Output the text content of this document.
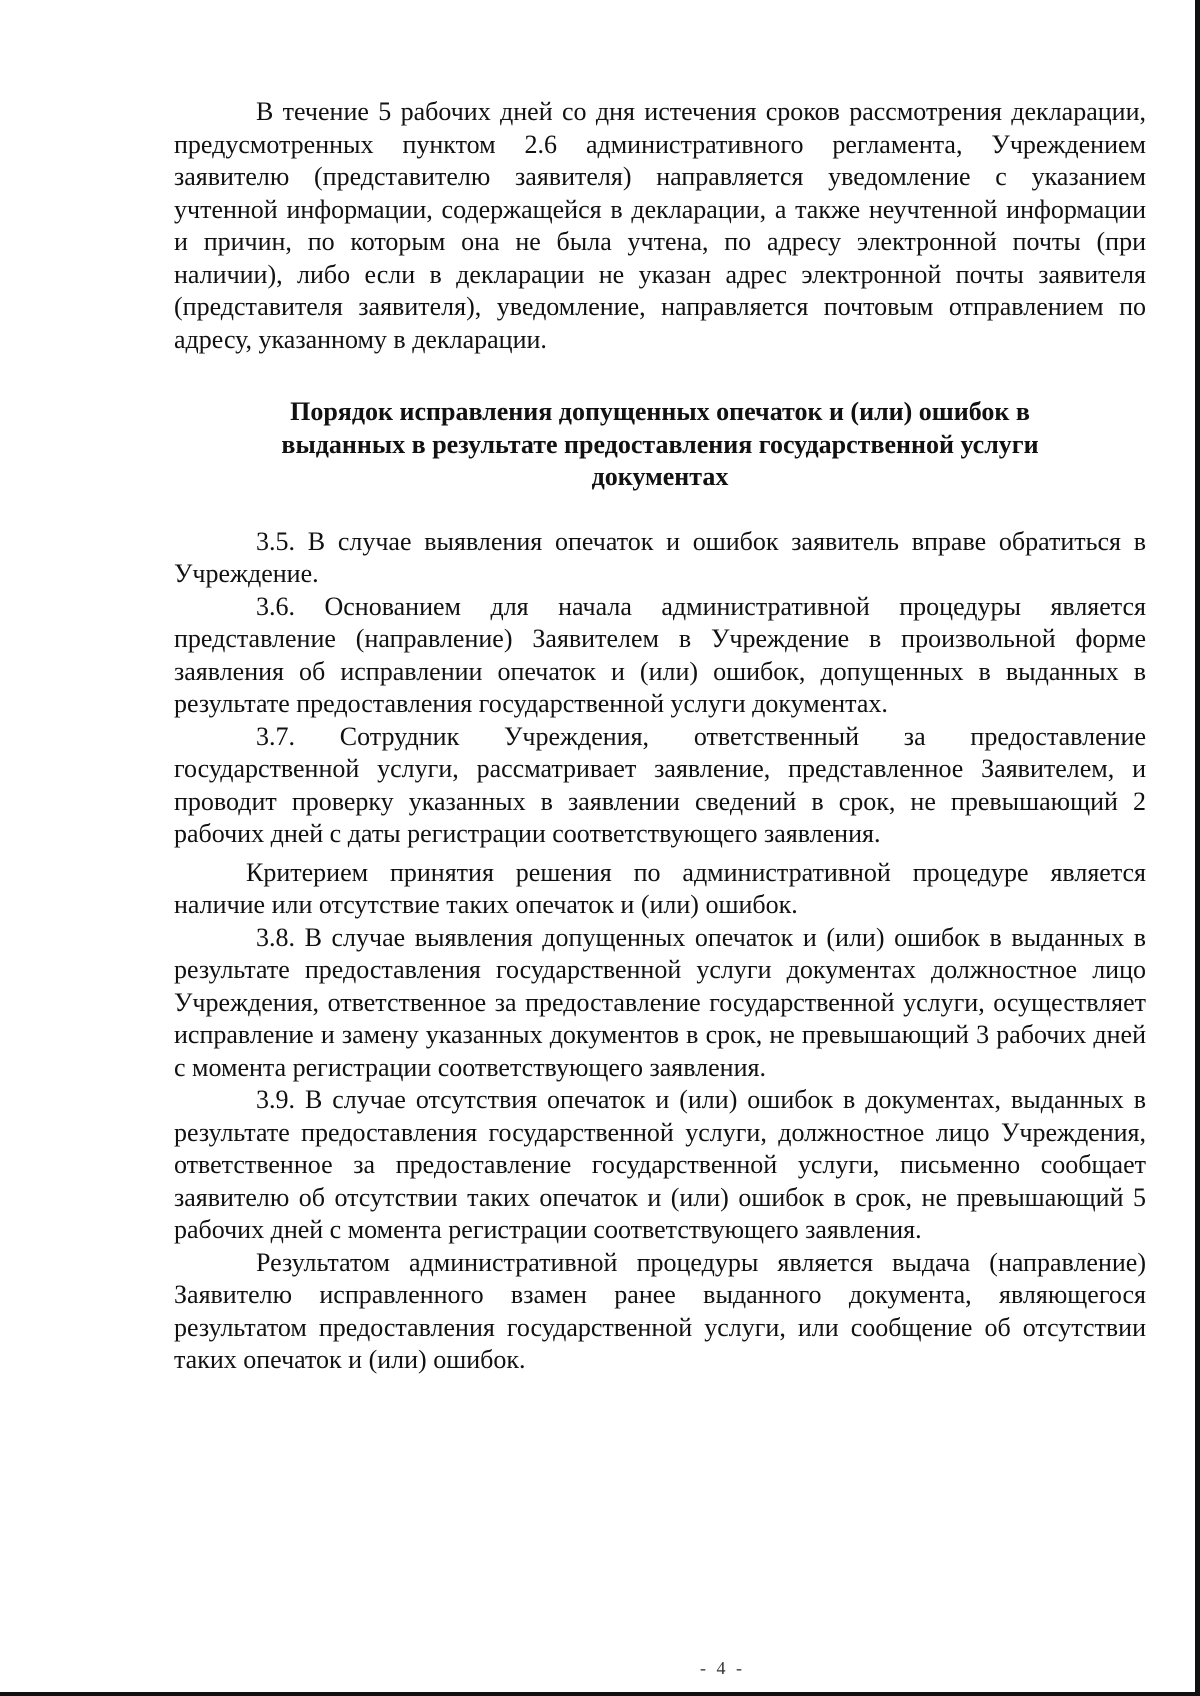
В течение 5 рабочих дней со дня истечения сроков рассмотрения декларации, предусмотренных пунктом 2.6 административного регламента, Учреждением заявителю (представителю заявителя) направляется уведомление с указанием учтенной информации, содержащейся в декларации, а также неучтенной информации и причин, по которым она не была учтена, по адресу электронной почты (при наличии), либо если в декларации не указан адрес электронной почты заявителя (представителя заявителя), уведомление, направляется почтовым отправлением по адресу, указанному в декларации.

Порядок исправления допущенных опечаток и (или) ошибок в
выданных в результате предоставления государственной услуги
документах

3.5. В случае выявления опечаток и ошибок заявитель вправе обратиться в Учреждение.

3.6. Основанием для начала административной процедуры является представление (направление) Заявителем в Учреждение в произвольной форме заявления об исправлении опечаток и (или) ошибок, допущенных в выданных в результате предоставления государственной услуги документах.

3.7. Сотрудник Учреждения, ответственный за предоставление государственной услуги, рассматривает заявление, представленное Заявителем, и проводит проверку указанных в заявлении сведений в срок, не превышающий 2 рабочих дней с даты регистрации соответствующего заявления.

Критерием принятия решения по административной процедуре является наличие или отсутствие таких опечаток и (или) ошибок.

3.8. В случае выявления допущенных опечаток и (или) ошибок в выданных в результате предоставления государственной услуги документах должностное лицо Учреждения, ответственное за предоставление государственной услуги, осуществляет исправление и замену указанных документов в срок, не превышающий 3 рабочих дней с момента регистрации соответствующего заявления.

3.9. В случае отсутствия опечаток и (или) ошибок в документах, выданных в результате предоставления государственной услуги, должностное лицо Учреждения, ответственное за предоставление государственной услуги, письменно сообщает заявителю об отсутствии таких опечаток и (или) ошибок в срок, не превышающий 5 рабочих дней с момента регистрации соответствующего заявления.

Результатом административной процедуры является выдача (направление) Заявителю исправленного взамен ранее выданного документа, являющегося результатом предоставления государственной услуги, или сообщение об отсутствии таких опечаток и (или) ошибок.

- 4 -
